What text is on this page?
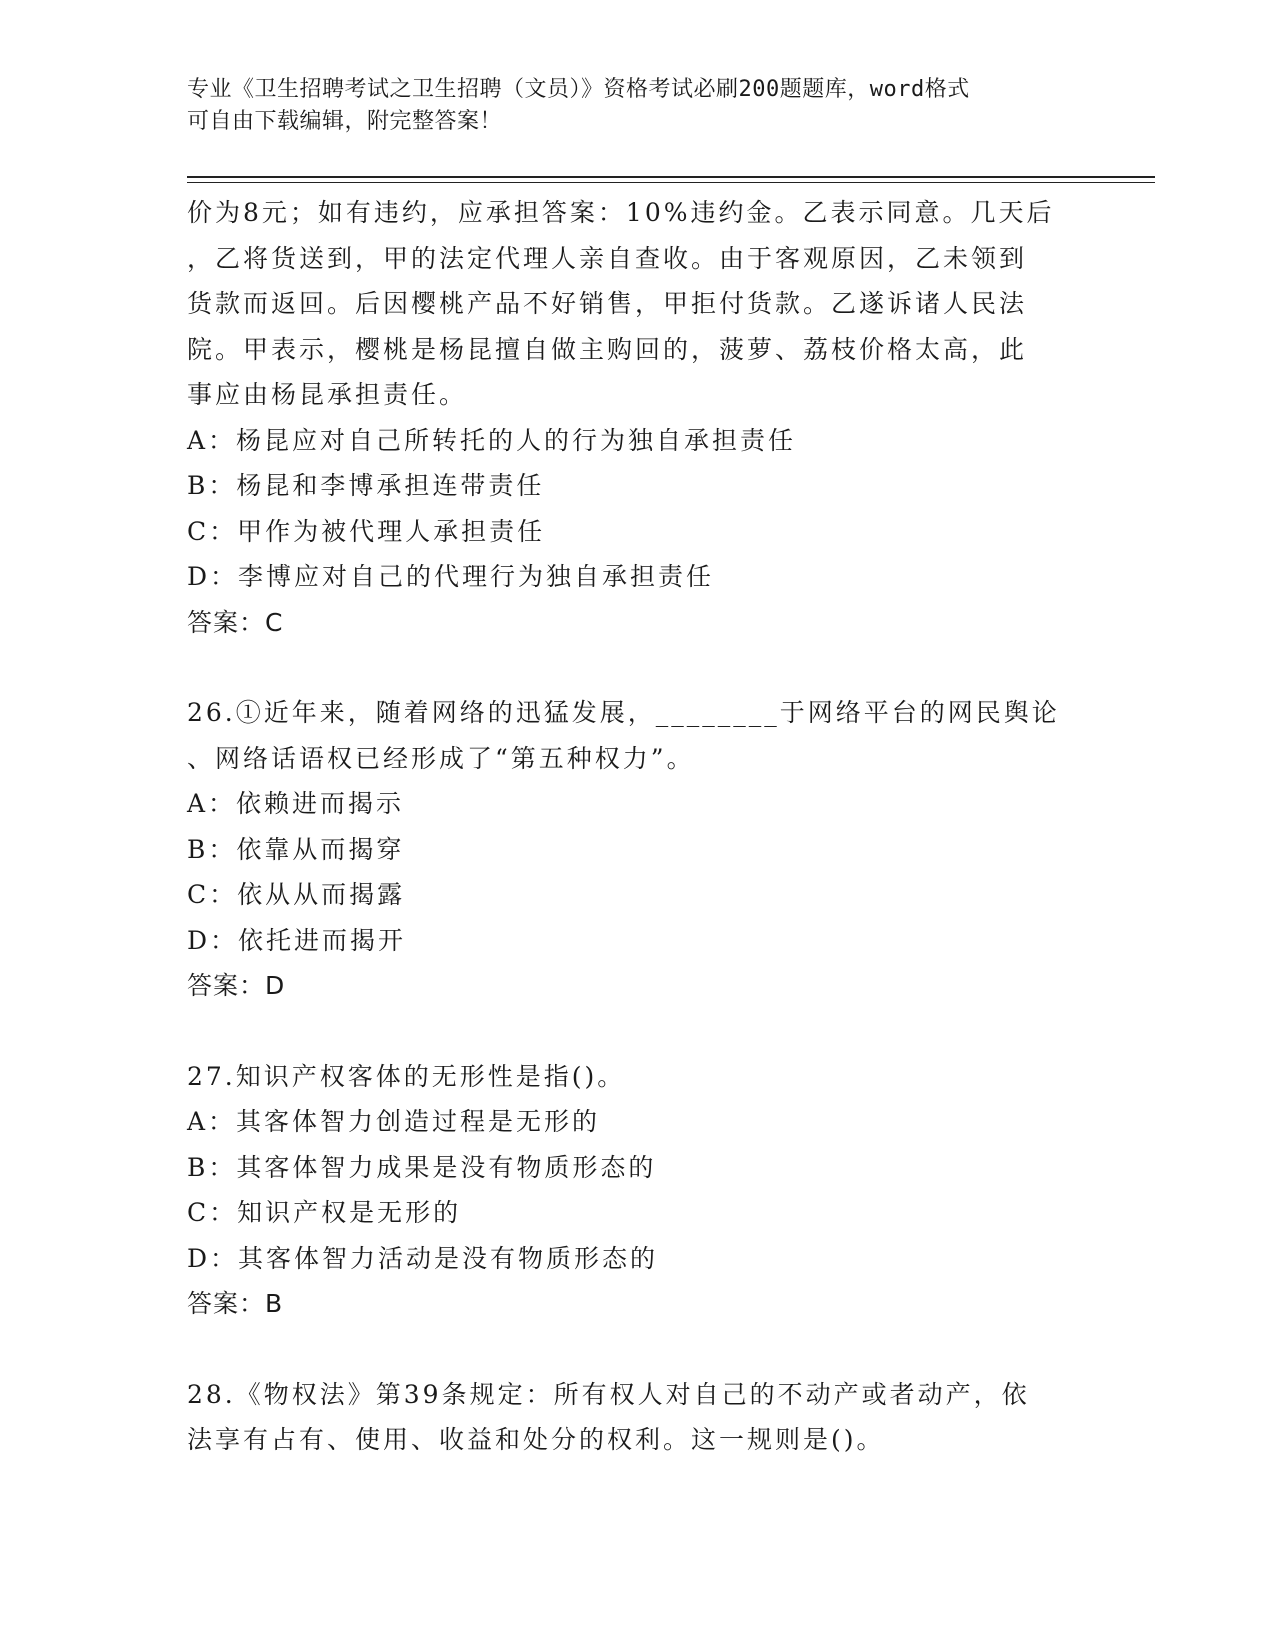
专业《卫生招聘考试之卫生招聘（文员）》资格考试必刷200题题库，word格式
可自由下载编辑，附完整答案！
价为8元；如有违约，应承担答案：10%违约金。乙表示同意。几天后
，乙将货送到，甲的法定代理人亲自查收。由于客观原因，乙未领到
货款而返回。后因樱桃产品不好销售，甲拒付货款。乙遂诉诸人民法
院。甲表示，樱桃是杨昆擅自做主购回的，菠萝、荔枝价格太高，此
事应由杨昆承担责任。
A：杨昆应对自己所转托的人的行为独自承担责任
B：杨昆和李博承担连带责任
C：甲作为被代理人承担责任
D：李博应对自己的代理行为独自承担责任
答案：C
26.①近年来，随着网络的迅猛发展，________于网络平台的网民舆论
、网络话语权已经形成了“第五种权力”。
A：依赖进而揭示
B：依靠从而揭穿
C：依从从而揭露
D：依托进而揭开
答案：D
27.知识产权客体的无形性是指()。
A：其客体智力创造过程是无形的
B：其客体智力成果是没有物质形态的
C：知识产权是无形的
D：其客体智力活动是没有物质形态的
答案：B
28.《物权法》第39条规定：所有权人对自己的不动产或者动产，依
法享有占有、使用、收益和处分的权利。这一规则是()。
